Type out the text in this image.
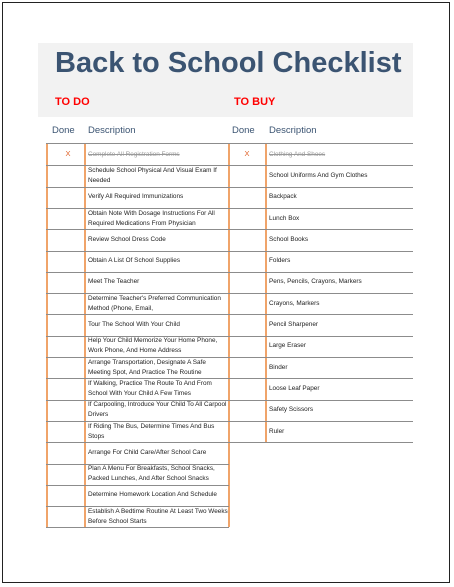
Back to School Checklist
TO DO	TO BUY
Done Description	Done Description
X	Complete All Registration Forms
Schedule School Physical And Visual Exam If Needed
Verify All Required Immunizations
Obtain Note With Dosage Instructions For All Required Medications From Physician
Review School Dress Code
Obtain A List Of School Supplies
Meet The Teacher
Determine Teacher's Preferred Communication Method (Phone, Email,
Tour The School With Your Child
Help Your Child Memorize Your Home Phone, Work Phone, And Home Address
Arrange Transportation, Designate A Safe Meeting Spot, And Practice The Routine
If Walking, Practice The Route To And From School With Your Child A Few Times
If Carpooling, Introduce Your Child To All Carpool Drivers
If Riding The Bus, Determine Times And Bus Stops
Arrange For Child Care/After School Care
Plan A Menu For Breakfasts, School Snacks, Packed Lunches, And After School Snacks
Determine Homework Location And Schedule
Establish A Bedtime Routine At Least Two Weeks Before School Starts
X	Clothing And Shoes
School Uniforms And Gym Clothes
Backpack
Lunch Box
School Books
Folders
Pens, Pencils, Crayons, Markers
Crayons, Markers
Pencil Sharpener
Large Eraser
Binder
Loose Leaf Paper
Safety Scissors
Ruler
